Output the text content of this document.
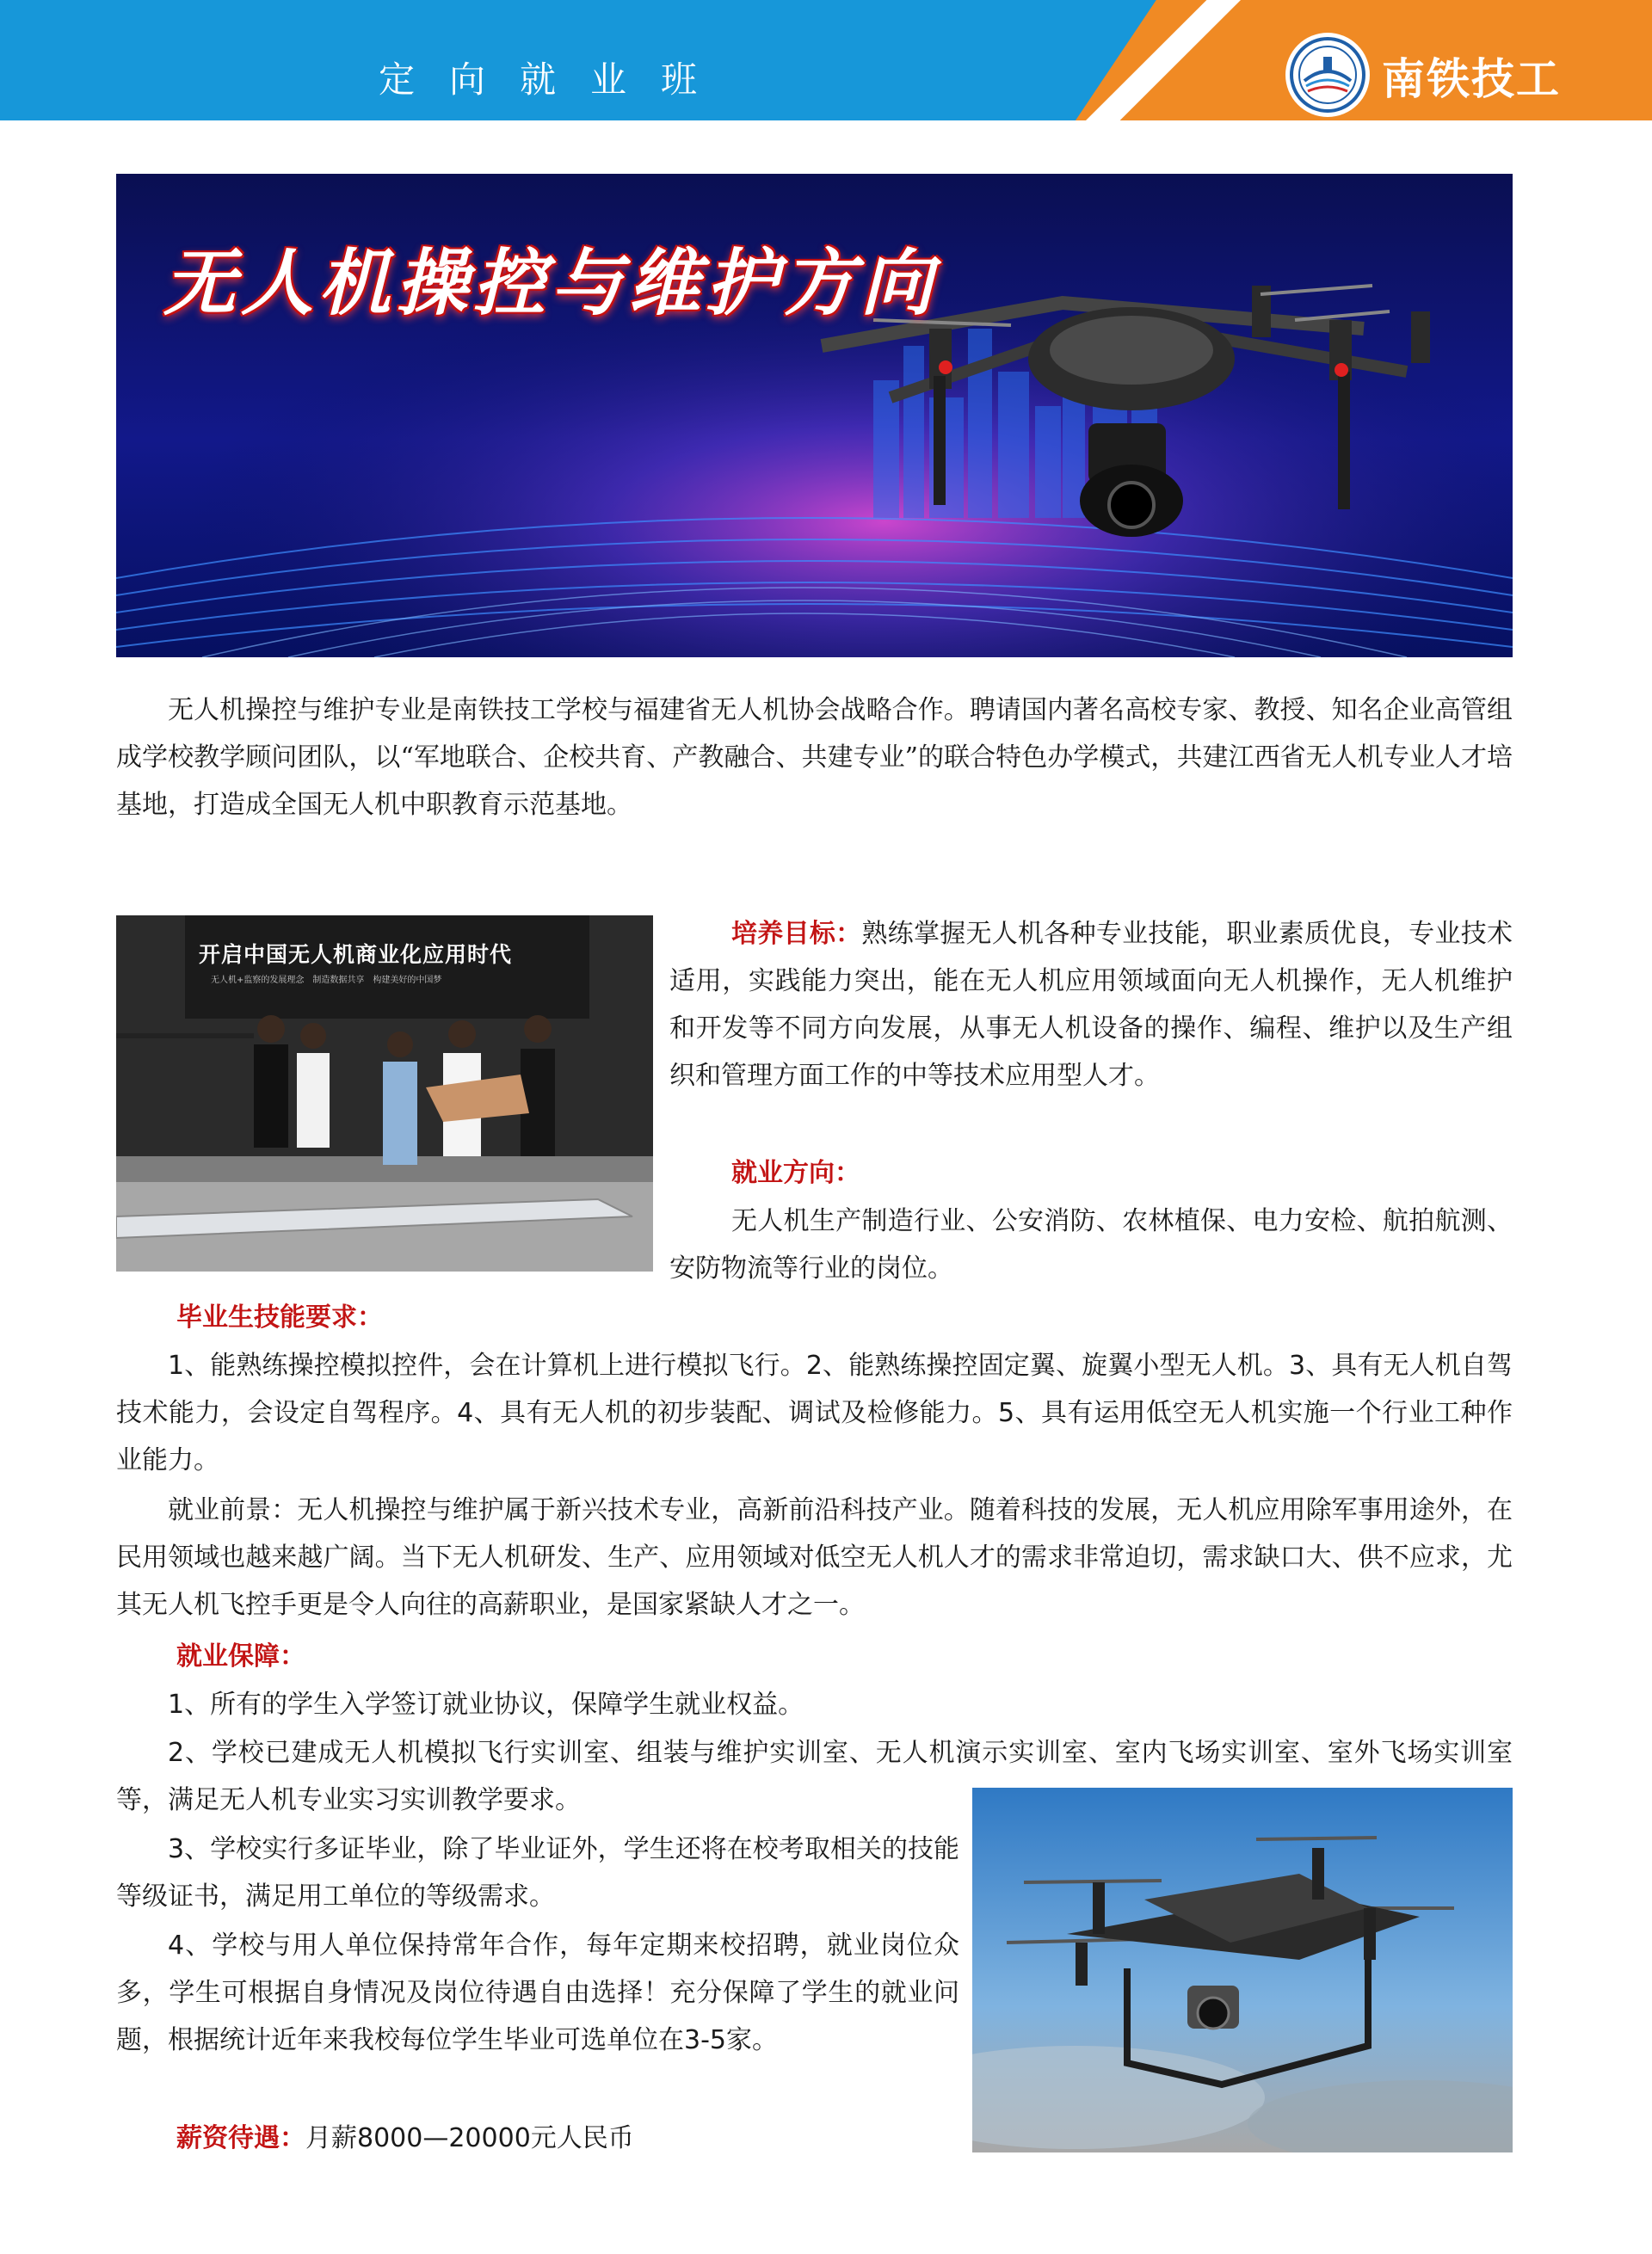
定向就业班	南铁技工
无人机操控与维护方向

无人机操控与维护专业是南铁技工学校与福建省无人机协会战略合作。聘请国内著名高校专家、教授、知名企业高管组成学校教学顾问团队，以“军地联合、企校共育、产教融合、共建专业”的联合特色办学模式，共建江西省无人机专业人才培基地，打造成全国无人机中职教育示范基地。

开启中国无人机商业化应用时代
无人机+监察的发展理念　制造数据共享　构建美好的中国梦

培养目标：熟练掌握无人机各种专业技能，职业素质优良，专业技术适用，实践能力突出，能在无人机应用领域面向无人机操作，无人机维护和开发等不同方向发展，从事无人机设备的操作、编程、维护以及生产组织和管理方面工作的中等技术应用型人才。

就业方向：

无人机生产制造行业、公安消防、农林植保、电力安检、航拍航测、安防物流等行业的岗位。

毕业生技能要求：

1、能熟练操控模拟控件，会在计算机上进行模拟飞行。2、能熟练操控固定翼、旋翼小型无人机。3、具有无人机自驾技术能力，会设定自驾程序。4、具有无人机的初步装配、调试及检修能力。5、具有运用低空无人机实施一个行业工种作业能力。

就业前景：无人机操控与维护属于新兴技术专业，高新前沿科技产业。随着科技的发展，无人机应用除军事用途外，在民用领域也越来越广阔。当下无人机研发、生产、应用领域对低空无人机人才的需求非常迫切，需求缺口大、供不应求，尤其无人机飞控手更是令人向往的高薪职业，是国家紧缺人才之一。

就业保障：

1、所有的学生入学签订就业协议，保障学生就业权益。

2、学校已建成无人机模拟飞行实训室、组装与维护实训室、无人机演示实训室、室内飞场实训室、室外飞场实训室等，满足无人机专业实习实训教学要求。

3、学校实行多证毕业，除了毕业证外，学生还将在校考取相关的技能等级证书，满足用工单位的等级需求。

4、学校与用人单位保持常年合作，每年定期来校招聘，就业岗位众多，学生可根据自身情况及岗位待遇自由选择！充分保障了学生的就业问题，根据统计近年来我校每位学生毕业可选单位在3-5家。

薪资待遇：月薪8000—20000元人民币
